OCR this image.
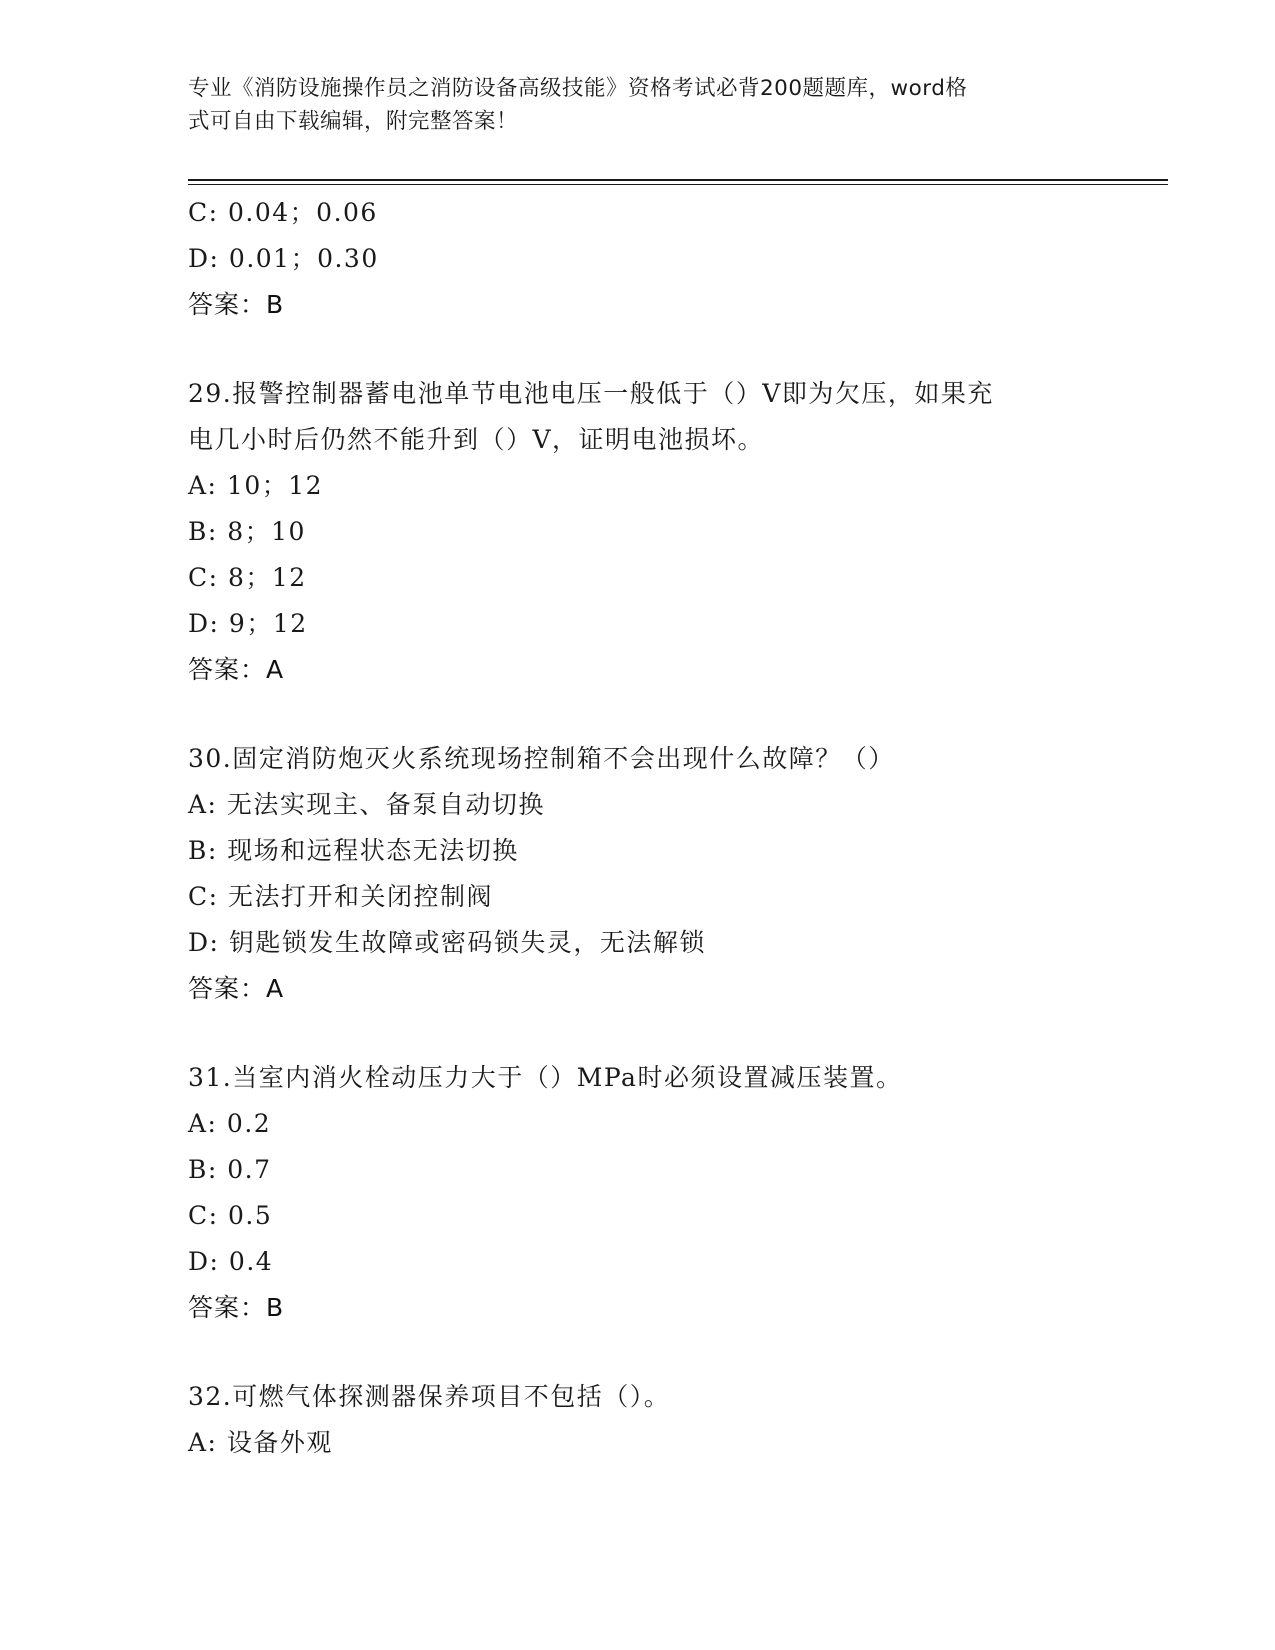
专业《消防设施操作员之消防设备高级技能》资格考试必背200题题库，word格
式可自由下载编辑，附完整答案！
C: 0.04；0.06
D: 0.01；0.30
答案：B
29.报警控制器蓄电池单节电池电压一般低于（）V即为欠压，如果充
电几小时后仍然不能升到（）V，证明电池损坏。
A: 10；12
B: 8；10
C: 8；12
D: 9；12
答案：A
30.固定消防炮灭火系统现场控制箱不会出现什么故障？（）
A: 无法实现主、备泵自动切换
B: 现场和远程状态无法切换
C: 无法打开和关闭控制阀
D: 钥匙锁发生故障或密码锁失灵，无法解锁
答案：A
31.当室内消火栓动压力大于（）MPa时必须设置减压装置。
A: 0.2
B: 0.7
C: 0.5
D: 0.4
答案：B
32.可燃气体探测器保养项目不包括（）。
A: 设备外观
